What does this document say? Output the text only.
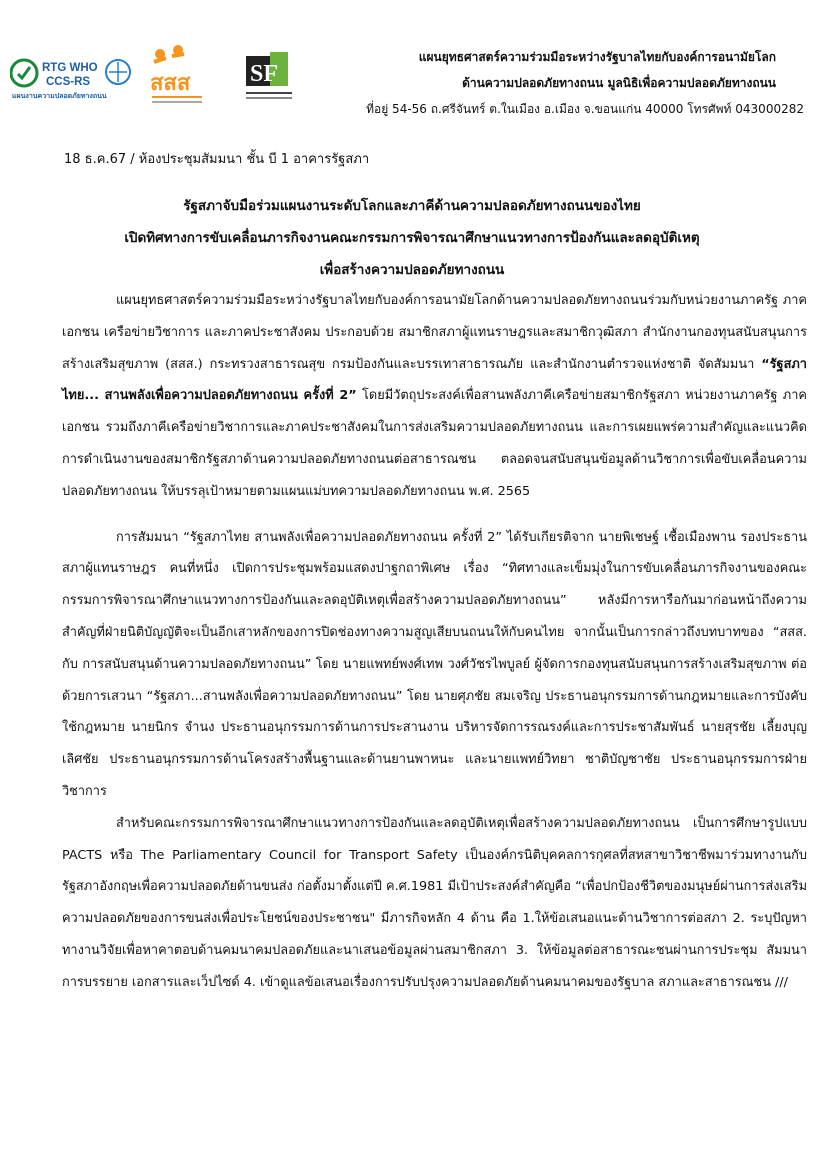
RTG WHO
CCS-RS
แผนงานความปลอดภัยทางถนน สสส SF
แผนยุทธศาสตร์ความร่วมมือระหว่างรัฐบาลไทยกับองค์การอนามัยโลก
ด้านความปลอดภัยทางถนน มูลนิธิเพื่อความปลอดภัยทางถนน
ที่อยู่ 54-56 ถ.ศรีจันทร์ ต.ในเมือง อ.เมือง จ.ขอนแก่น 40000 โทรศัพท์ 043000282
18 ธ.ค.67 / ห้องประชุมสัมมนา ชั้น บี 1 อาคารรัฐสภา
รัฐสภาจับมือร่วมแผนงานระดับโลกและภาคีด้านความปลอดภัยทางถนนของไทย
เปิดทิศทางการขับเคลื่อนภารกิจงานคณะกรรมการพิจารณาศึกษาแนวทางการป้องกันและลดอุบัติเหตุ
เพื่อสร้างความปลอดภัยทางถนน

แผนยุทธศาสตร์ความร่วมมือระหว่างรัฐบาลไทยกับองค์การอนามัยโลกด้านความปลอดภัยทางถนนร่วมกับหน่วยงานภาครัฐ ภาคเอกชน เครือข่ายวิชาการ และภาคประชาสังคม ประกอบด้วย สมาชิกสภาผู้แทนราษฎรและสมาชิกวุฒิสภา สำนักงานกองทุนสนับสนุนการสร้างเสริมสุขภาพ (สสส.) กระทรวงสาธารณสุข กรมป้องกันและบรรเทาสาธารณภัย และสำนักงานตำรวจแห่งชาติ จัดสัมมนา “รัฐสภาไทย... สานพลังเพื่อความปลอดภัยทางถนน ครั้งที่ 2” โดยมีวัตถุประสงค์เพื่อสานพลังภาคีเครือข่ายสมาชิกรัฐสภา หน่วยงานภาครัฐ ภาคเอกชน รวมถึงภาคีเครือข่ายวิชาการและภาคประชาสังคมในการส่งเสริมความปลอดภัยทางถนน และการเผยแพร่ความสำคัญและแนวคิดการดำเนินงานของสมาชิกรัฐสภาด้านความปลอดภัยทางถนนต่อสาธารณชน ตลอดจนสนับสนุนข้อมูลด้านวิชาการเพื่อขับเคลื่อนความปลอดภัยทางถนน ให้บรรลุเป้าหมายตามแผนแม่บทความปลอดภัยทางถนน พ.ศ. 2565

การสัมมนา “รัฐสภาไทย สานพลังเพื่อความปลอดภัยทางถนน ครั้งที่ 2” ได้รับเกียรติจาก นายพิเชษฐ์ เชื้อเมืองพาน รองประธานสภาผู้แทนราษฎร คนที่หนึ่ง เปิดการประชุมพร้อมแสดงปาฐกถาพิเศษ เรื่อง “ทิศทางและเข็มมุ่งในการขับเคลื่อนภารกิจงานของคณะกรรมการพิจารณาศึกษาแนวทางการป้องกันและลดอุบัติเหตุเพื่อสร้างความปลอดภัยทางถนน” หลังมีการหารือกันมาก่อนหน้าถึงความสำคัญที่ฝ่ายนิติบัญญัติจะเป็นอีกเสาหลักของการปิดช่องทางความสูญเสียบนถนนให้กับคนไทย จากนั้นเป็นการกล่าวถึงบทบาทของ “สสส. กับ การสนับสนุนด้านความปลอดภัยทางถนน” โดย นายแพทย์พงศ์เทพ วงศ์วัชรไพบูลย์ ผู้จัดการกองทุนสนับสนุนการสร้างเสริมสุขภาพ ต่อด้วยการเสวนา “รัฐสภา...สานพลังเพื่อความปลอดภัยทางถนน” โดย นายศุภชัย สมเจริญ ประธานอนุกรรมการด้านกฎหมายและการบังคับใช้กฎหมาย นายนิกร จำนง ประธานอนุกรรมการด้านการประสานงาน บริหารจัดการรณรงค์และการประชาสัมพันธ์ นายสุรชัย เลี้ยงบุญเลิศชัย ประธานอนุกรรมการด้านโครงสร้างพื้นฐานและด้านยานพาหนะ และนายแพทย์วิทยา ชาติบัญชาชัย ประธานอนุกรรมการฝ่ายวิชาการ

สำหรับคณะกรรมการพิจารณาศึกษาแนวทางการป้องกันและลดอุบัติเหตุเพื่อสร้างความปลอดภัยทางถนน เป็นการศึกษารูปแบบ PACTS หรือ The Parliamentary Council for Transport Safety เป็นองค์กรนิติบุคคลการกุศลที่สหสาขาวิชาชีพมาร่วมทางานกับรัฐสภาอังกฤษเพื่อความปลอดภัยด้านขนส่ง ก่อตั้งมาตั้งแต่ปี ค.ศ.1981 มีเป้าประสงค์สำคัญคือ “เพื่อปกป้องชีวิตของมนุษย์ผ่านการส่งเสริมความปลอดภัยของการขนส่งเพื่อประโยชน์ของประชาชน" มีภารกิจหลัก 4 ด้าน คือ 1.ให้ข้อเสนอแนะด้านวิชาการต่อสภา 2. ระบุปัญหา ทางานวิจัยเพื่อหาคาตอบด้านคมนาคมปลอดภัยและนาเสนอข้อมูลผ่านสมาชิกสภา 3. ให้ข้อมูลต่อสาธารณะชนผ่านการประชุม สัมมนา การบรรยาย เอกสารและเว็ปไซด์ 4. เข้าดูแลข้อเสนอเรื่องการปรับปรุงความปลอดภัยด้านคมนาคมของรัฐบาล สภาและสาธารณชน ///
